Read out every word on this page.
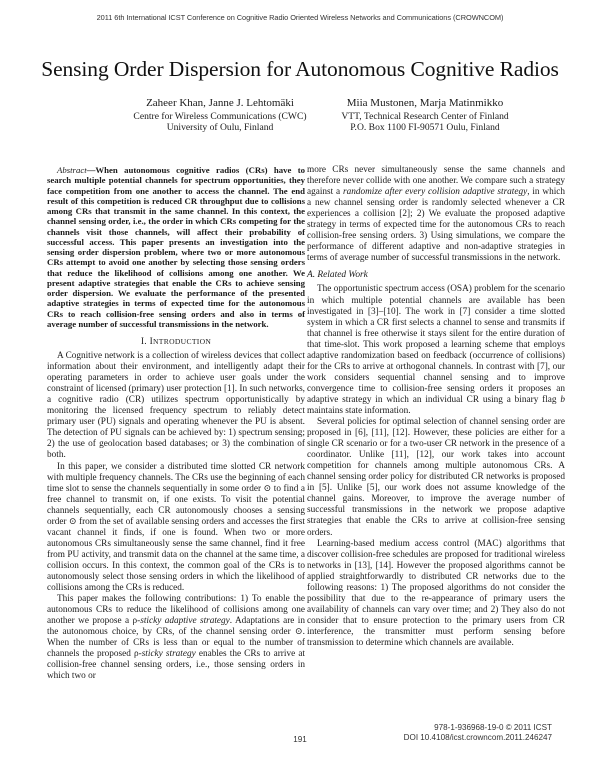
2011 6th International ICST Conference on Cognitive Radio Oriented Wireless Networks and Communications (CROWNCOM)
Sensing Order Dispersion for Autonomous Cognitive Radios
Zaheer Khan, Janne J. Lehtomäki
Centre for Wireless Communications (CWC)
University of Oulu, Finland
Miia Mustonen, Marja Matinmikko
VTT, Technical Research Center of Finland
P.O. Box 1100 FI-90571 Oulu, Finland

Abstract—When autonomous cognitive radios (CRs) have to search multiple potential channels for spectrum opportunities, they face competition from one another to access the channel. The end result of this competition is reduced CR throughput due to collisions among CRs that transmit in the same channel. In this context, the channel sensing order, i.e., the order in which CRs competing for the channels visit those channels, will affect their probability of successful access. This paper presents an investigation into the sensing order dispersion problem, where two or more autonomous CRs attempt to avoid one another by selecting those sensing orders that reduce the likelihood of collisions among one another. We present adaptive strategies that enable the CRs to achieve sensing order dispersion. We evaluate the performance of the presented adaptive strategies in terms of expected time for the autonomous CRs to reach collision-free sensing orders and also in terms of average number of successful transmissions in the network.

I. INTRODUCTION

A Cognitive network is a collection of wireless devices that collect information about their environment, and intelligently adapt their operating parameters in order to achieve user goals under the constraint of licensed (primary) user protection [1]. In such networks, a cognitive radio (CR) utilizes spectrum opportunistically by monitoring the licensed frequency spectrum to reliably detect primary user (PU) signals and operating whenever the PU is absent. The detection of PU signals can be achieved by: 1) spectrum sensing; 2) the use of geolocation based databases; or 3) the combination of both.

In this paper, we consider a distributed time slotted CR network with multiple frequency channels. The CRs use the beginning of each time slot to sense the channels sequentially in some order ⊙ to find a free channel to transmit on, if one exists. To visit the potential channels sequentially, each CR autonomously chooses a sensing order ⊙ from the set of available sensing orders and accesses the first vacant channel it finds, if one is found. When two or more autonomous CRs simultaneously sense the same channel, find it free from PU activity, and transmit data on the channel at the same time, a collision occurs. In this context, the common goal of the CRs is to autonomously select those sensing orders in which the likelihood of collisions among the CRs is reduced.

This paper makes the following contributions: 1) To enable the autonomous CRs to reduce the likelihood of collisions among one another we propose a ρ-sticky adaptive strategy. Adaptations are in the autonomous choice, by CRs, of the channel sensing order ⊙. When the number of CRs is less than or equal to the number of channels the proposed ρ-sticky strategy enables the CRs to arrive at collision-free channel sensing orders, i.e., those sensing orders in which two or

more CRs never simultaneously sense the same channels and therefore never collide with one another. We compare such a strategy against a randomize after every collision adaptive strategy, in which a new channel sensing order is randomly selected whenever a CR experiences a collision [2]; 2) We evaluate the proposed adaptive strategy in terms of expected time for the autonomous CRs to reach collision-free sensing orders. 3) Using simulations, we compare the performance of different adaptive and non-adaptive strategies in terms of average number of successful transmissions in the network.

A. Related Work

The opportunistic spectrum access (OSA) problem for the scenario in which multiple potential channels are available has been investigated in [3]–[10]. The work in [7] consider a time slotted system in which a CR first selects a channel to sense and transmits if that channel is free otherwise it stays silent for the entire duration of that time-slot. This work proposed a learning scheme that employs adaptive randomization based on feedback (occurrence of collisions) for the CRs to arrive at orthogonal channels. In contrast with [7], our work considers sequential channel sensing and to improve convergence time to collision-free sensing orders it proposes an adaptive strategy in which an individual CR using a binary flag b maintains state information.

Several policies for optimal selection of channel sensing order are proposed in [6], [11], [12]. However, these policies are either for a single CR scenario or for a two-user CR network in the presence of a coordinator. Unlike [11], [12], our work takes into account competition for channels among multiple autonomous CRs. A channel sensing order policy for distributed CR networks is proposed in [5]. Unlike [5], our work does not assume knowledge of the channel gains. Moreover, to improve the average number of successful transmissions in the network we propose adaptive strategies that enable the CRs to arrive at collision-free sensing orders.

Learning-based medium access control (MAC) algorithms that discover collision-free schedules are proposed for traditional wireless networks in [13], [14]. However the proposed algorithms cannot be applied straightforwardly to distributed CR networks due to the following reasons: 1) The proposed algorithms do not consider the possibility that due to the re-appearance of primary users the availability of channels can vary over time; and 2) They also do not consider that to ensure protection to the primary users from CR interference, the transmitter must perform sensing before transmission to determine which channels are available.

978-1-936968-19-0 © 2011 ICST
DOI 10.4108/icst.crowncom.2011.246247
191
